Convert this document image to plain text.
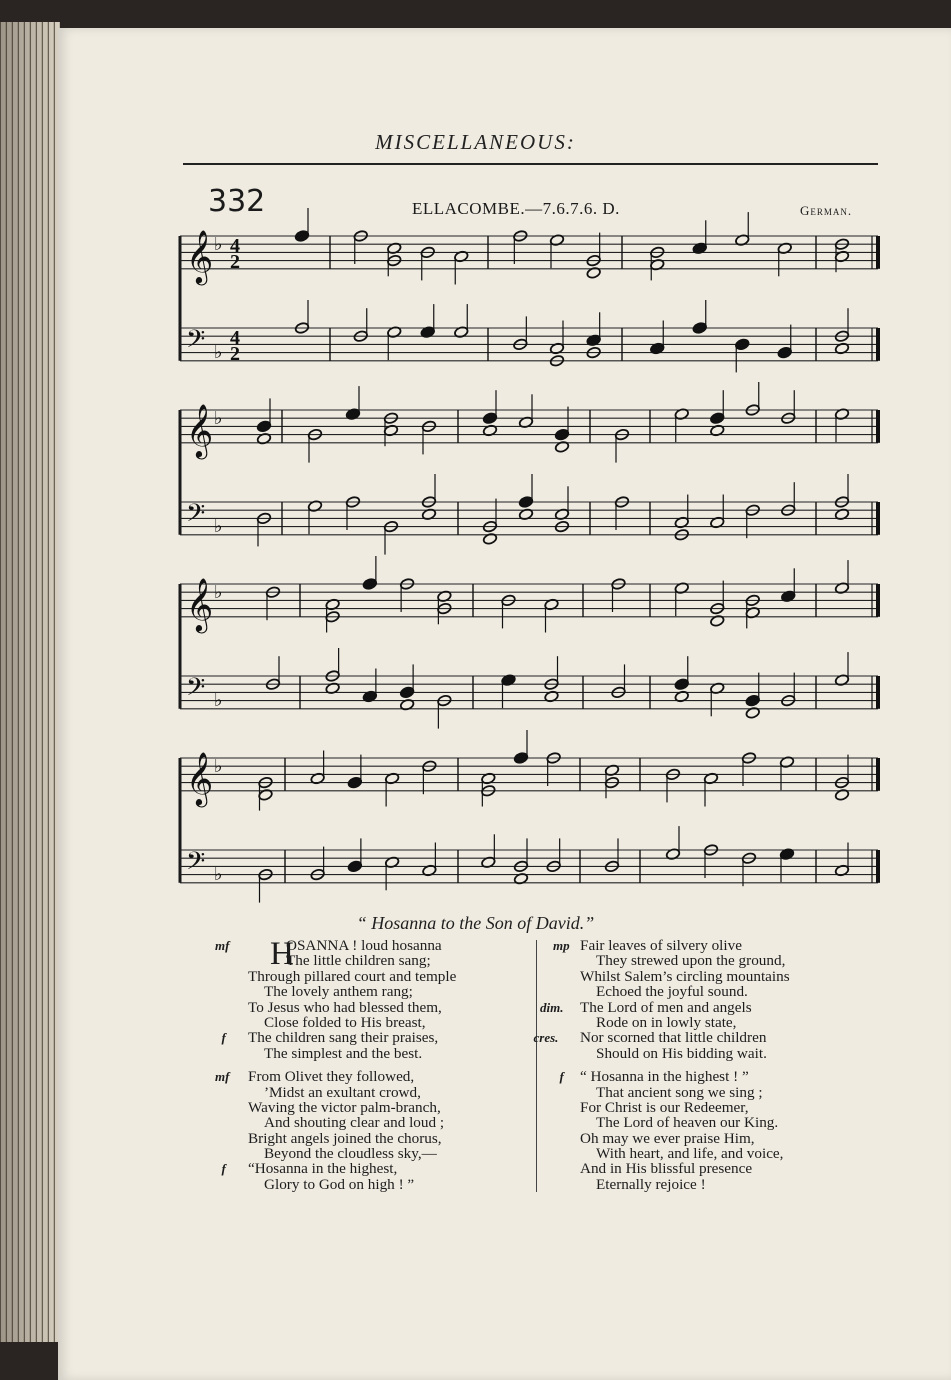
MISCELLANEOUS:
332	ELLACOMBE.—7.6.7.6. D.	German.
𝄞 ♭ 4
2
𝄢 ♭
4
2
𝄞 ♭
𝄢 ♭
𝄞 ♭
𝄢 ♭
𝄞 ♭
𝄢 ♭
“ Hosanna to the Son of David.”
mf	OSANNA ! loud hosanna
The little children sang;
Through pillared court and temple
The lovely anthem rang;
To Jesus who had blessed them,
Close folded to His breast,
f The children sang their praises,
The simplest and the best.
H
mf From Olivet they followed,
’Midst an exultant crowd,
Waving the victor palm-branch,
And shouting clear and loud ;
Bright angels joined the chorus,
Beyond the cloudless sky,—
f “Hosanna in the highest,
Glory to God on high ! ”
mp Fair leaves of silvery olive
They strewed upon the ground,
Whilst Salem’s circling mountains
Echoed the joyful sound.
dim. The Lord of men and angels
Rode on in lowly state,
cres. Nor scorned that little children
Should on His bidding wait.
f “ Hosanna in the highest ! ”
That ancient song we sing ;
For Christ is our Redeemer,
The Lord of heaven our King.
Oh may we ever praise Him,
With heart, and life, and voice,
And in His blissful presence
Eternally rejoice !
